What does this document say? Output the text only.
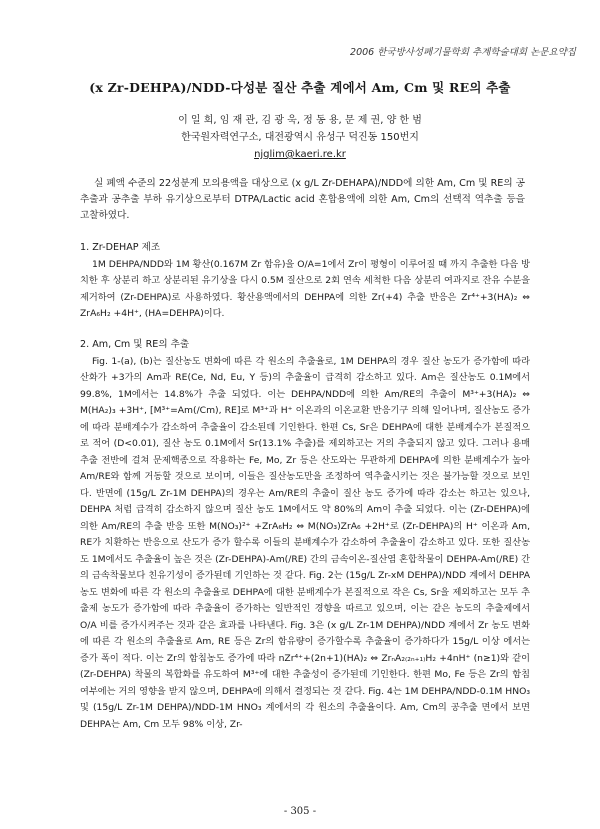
2006 한국방사성폐기물학회 추계학술대회 논문요약집
(x Zr-DEHPA)/NDD-다성분 질산 추출 계에서 Am, Cm 및 RE의 추출
이 일 희, 임 재 관, 김 광 욱, 정 동 용, 문 제 권, 양 한 범
한국원자력연구소, 대전광역시 유성구 덕진동 150번지
njglim@kaeri.re.kr

실 폐액 수준의 22성분계 모의용액을 대상으로 (x g/L Zr-DEHAPA)/NDD에 의한 Am, Cm 및 RE의 공추출과 공추출 부하 유기상으로부터 DTPA/Lactic acid 혼합용액에 의한 Am, Cm의 선택적 역추출 등을 고찰하였다.

1. Zr-DEHAP 제조

1M DEHPA/NDD와 1M 황산(0.167M Zr 함유)을 O/A=1에서 Zr이 평형이 이루어질 때 까지 추출한 다음 방치한 후 상분리 하고 상분리된 유기상을 다시 0.5M 질산으로 2회 연속 세척한 다음 상분리 여과지로 잔유 수분을 제거하여 (Zr-DEHPA)로 사용하였다. 황산용액에서의 DEHPA에 의한 Zr(+4) 추출 반응은 Zr⁴⁺+3(HA)₂ ⇔ ZrA₆H₂ +4H⁺, (HA=DEHPA)이다.

2. Am, Cm 및 RE의 추출

Fig. 1-(a), (b)는 질산농도 변화에 따른 각 원소의 추출율로, 1M DEHPA의 경우 질산 농도가 증가함에 따라 산화가 +3가의 Am과 RE(Ce, Nd, Eu, Y 등)의 추출율이 급격히 감소하고 있다. Am은 질산농도 0.1M에서 99.8%, 1M에서는 14.8%가 추출 되었다. 이는 DEHPA/NDD에 의한 Am/RE의 추출이 M³⁺+3(HA)₂ ⇔ M(HA₂)₃ +3H⁺, [M³⁺=Am(/Cm), RE]로 M³⁺과 H⁺ 이온과의 이온교환 반응기구 의해 일어나며, 질산농도 증가에 따라 분배계수가 감소하여 추출율이 감소된데 기인한다. 한편 Cs, Sr은 DEHPA에 대한 분배계수가 본질적으로 적어 (D<0.01), 질산 농도 0.1M에서 Sr(13.1% 추출)를 제외하고는 거의 추출되지 않고 있다. 그러나 용매추출 전반에 걸쳐 문제핵종으로 작용하는 Fe, Mo, Zr 등은 산도와는 무관하게 DEHPA에 의한 분배계수가 높아 Am/RE와 함께 거동할 것으로 보이며, 이들은 질산농도만을 조정하여 역추출시키는 것은 불가능할 것으로 보인다. 반면에 (15g/L Zr-1M DEHPA)의 경우는 Am/RE의 추출이 질산 농도 증가에 따라 감소는 하고는 있으나, DEHPA 처럼 급격히 감소하지 않으며 질산 농도 1M에서도 약 80%의 Am이 추출 되었다. 이는 (Zr-DEHPA)에 의한 Am/RE의 추출 반응 또한 M(NO₃)²⁺ +ZrA₆H₂ ⇔ M(NO₃)ZrA₆ +2H⁺로 (Zr-DEHPA)의 H⁺ 이온과 Am, RE가 치환하는 반응으로 산도가 증가 할수록 이들의 분배계수가 감소하여 추출율이 감소하고 있다. 또한 질산농도 1M에서도 추출율이 높은 것은 (Zr-DEHPA)-Am(/RE) 간의 금속이온-질산염 혼합착물이 DEHPA-Am(/RE) 간의 금속착물보다 친유기성이 증가된데 기인하는 것 같다. Fig. 2는 (15g/L Zr-xM DEHPA)/NDD 계에서 DEHPA 농도 변화에 따른 각 원소의 추출율로 DEHPA에 대한 분배계수가 본질적으로 작은 Cs, Sr을 제외하고는 모두 추출제 농도가 증가함에 따라 추출율이 증가하는 일반적인 경향을 따르고 있으며, 이는 같은 농도의 추출제에서 O/A 비를 증가시켜주는 것과 같은 효과를 나타낸다. Fig. 3은 (x g/L Zr-1M DEHPA)/NDD 계에서 Zr 농도 변화에 따른 각 원소의 추출율로 Am, RE 등은 Zr의 함유량이 증가할수록 추출율이 증가하다가 15g/L 이상 에서는 증가 폭이 적다. 이는 Zr의 함침농도 증가에 따라 nZr⁴⁺+(2n+1)(HA)₂ ⇔ ZrₙA₂₍₂ₙ₊₁₎H₂ +4nH⁺ (n≥1)와 같이 (Zr-DEHPA) 착물의 복합화를 유도하여 M³⁺에 대한 추출성이 증가된데 기인한다. 한편 Mo, Fe 등은 Zr의 함침 여부에는 거의 영향을 받지 않으며, DEHPA에 의해서 결정되는 것 같다. Fig. 4는 1M DEHPA/NDD-0.1M HNO₃ 및 (15g/L Zr-1M DEHPA)/NDD-1M HNO₃ 계에서의 각 원소의 추출율이다. Am, Cm의 공추출 면에서 보면 DEHPA는 Am, Cm 모두 98% 이상, Zr-

- 305 -
